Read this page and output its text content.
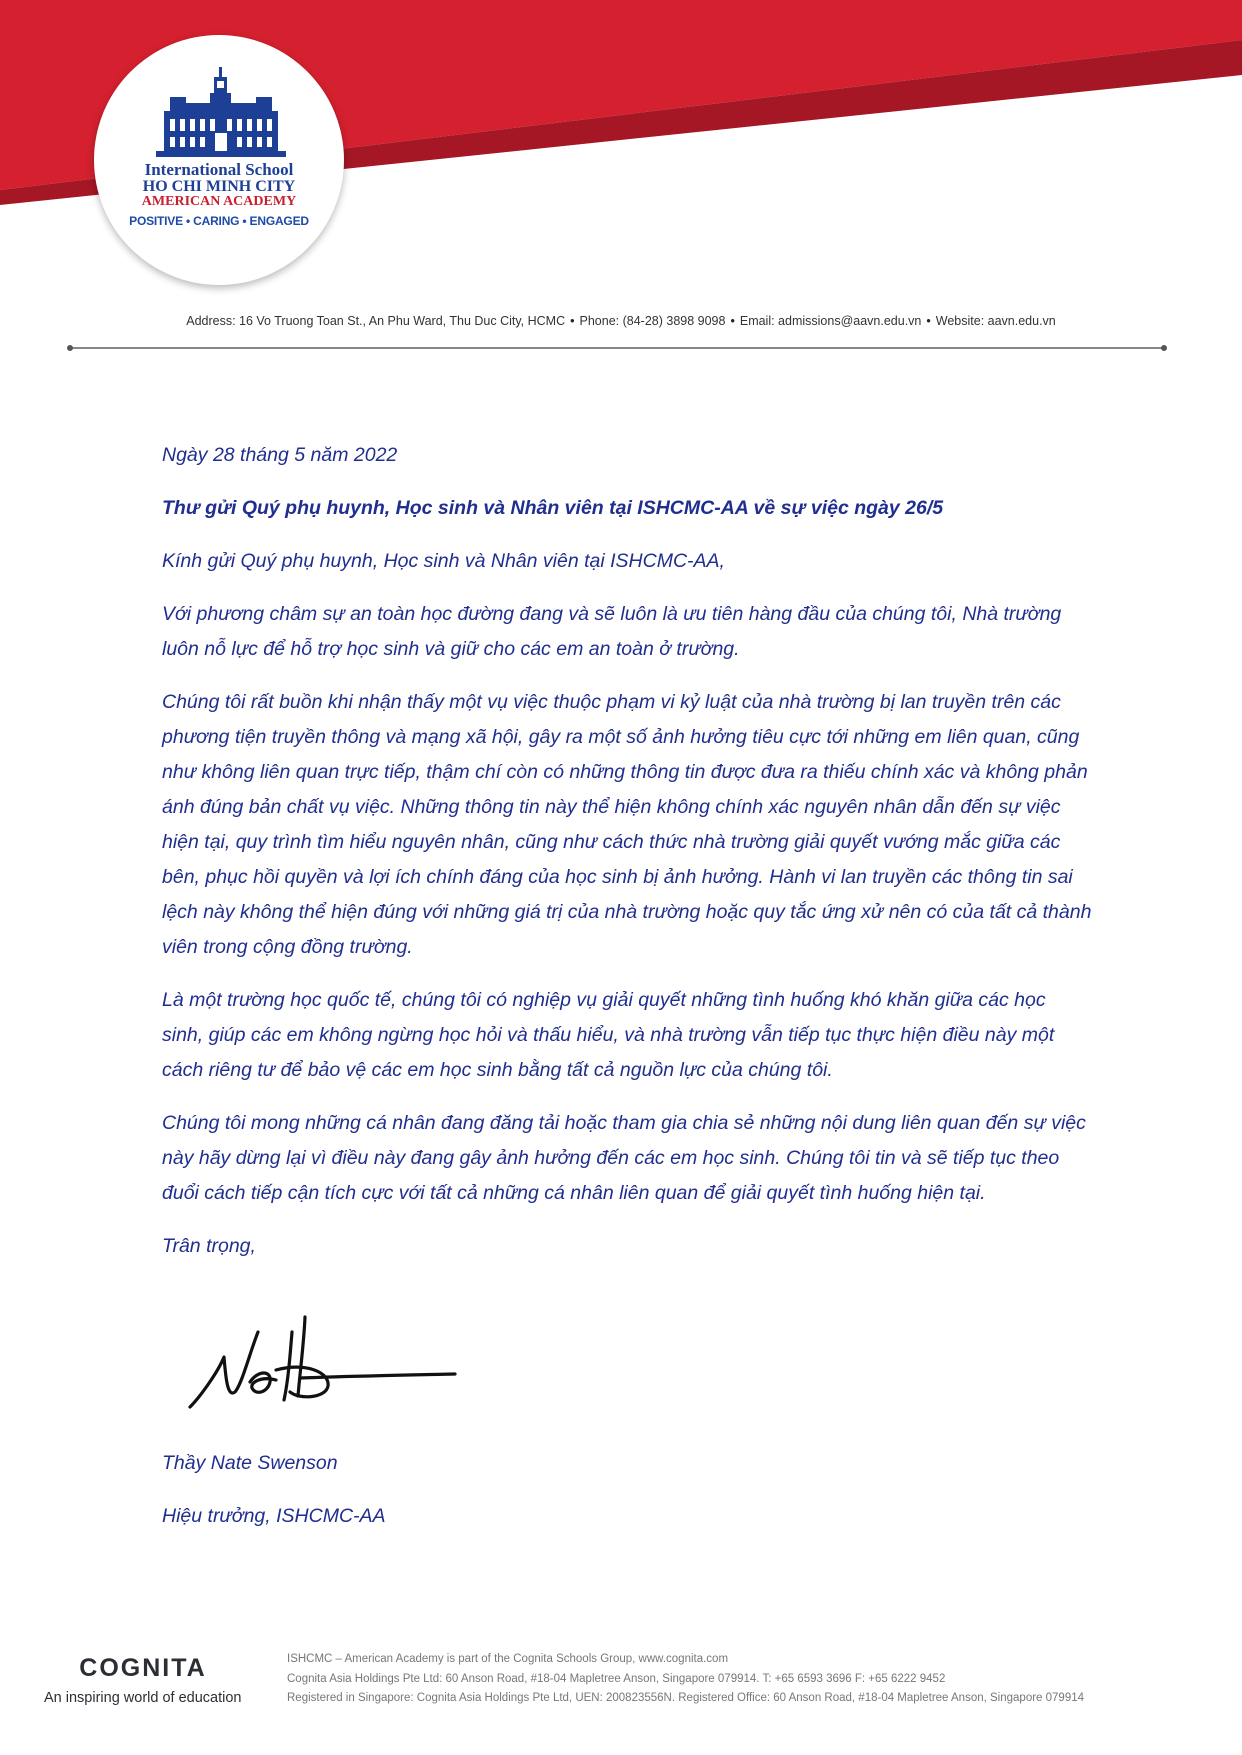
International School
HO CHI MINH CITY
AMERICAN ACADEMY
POSITIVE • CARING • ENGAGED
Address: 16 Vo Truong Toan St., An Phu Ward, Thu Duc City, HCMC • Phone: (84-28) 3898 9098 • Email: admissions@aavn.edu.vn • Website: aavn.edu.vn

Ngày 28 tháng 5 năm 2022

Thư gửi Quý phụ huynh, Học sinh và Nhân viên tại ISHCMC-AA về sự việc ngày 26/5

Kính gửi Quý phụ huynh, Học sinh và Nhân viên tại ISHCMC-AA,

Với phương châm sự an toàn học đường đang và sẽ luôn là ưu tiên hàng đầu của chúng tôi, Nhà trường luôn nỗ lực để hỗ trợ học sinh và giữ cho các em an toàn ở trường.

Chúng tôi rất buồn khi nhận thấy một vụ việc thuộc phạm vi kỷ luật của nhà trường bị lan truyền trên các phương tiện truyền thông và mạng xã hội, gây ra một số ảnh hưởng tiêu cực tới những em liên quan, cũng như không liên quan trực tiếp, thậm chí còn có những thông tin được đưa ra thiếu chính xác và không phản ánh đúng bản chất vụ việc. Những thông tin này thể hiện không chính xác nguyên nhân dẫn đến sự việc hiện tại, quy trình tìm hiểu nguyên nhân, cũng như cách thức nhà trường giải quyết vướng mắc giữa các bên, phục hồi quyền và lợi ích chính đáng của học sinh bị ảnh hưởng. Hành vi lan truyền các thông tin sai lệch này không thể hiện đúng với những giá trị của nhà trường hoặc quy tắc ứng xử nên có của tất cả thành viên trong cộng đồng trường.

Là một trường học quốc tế, chúng tôi có nghiệp vụ giải quyết những tình huống khó khăn giữa các học sinh, giúp các em không ngừng học hỏi và thấu hiểu, và nhà trường vẫn tiếp tục thực hiện điều này một cách riêng tư để bảo vệ các em học sinh bằng tất cả nguồn lực của chúng tôi.

Chúng tôi mong những cá nhân đang đăng tải hoặc tham gia chia sẻ những nội dung liên quan đến sự việc này hãy dừng lại vì điều này đang gây ảnh hưởng đến các em học sinh. Chúng tôi tin và sẽ tiếp tục theo đuổi cách tiếp cận tích cực với tất cả những cá nhân liên quan để giải quyết tình huống hiện tại.

Trân trọng,

Thầy Nate Swenson
Hiệu trưởng, ISHCMC-AA
COGNITA
An inspiring world of education
ISHCMC – American Academy is part of the Cognita Schools Group, www.cognita.com
Cognita Asia Holdings Pte Ltd: 60 Anson Road, #18-04 Mapletree Anson, Singapore 079914. T: +65 6593 3696 F: +65 6222 9452
Registered in Singapore: Cognita Asia Holdings Pte Ltd, UEN: 200823556N. Registered Office: 60 Anson Road, #18-04 Mapletree Anson, Singapore 079914
